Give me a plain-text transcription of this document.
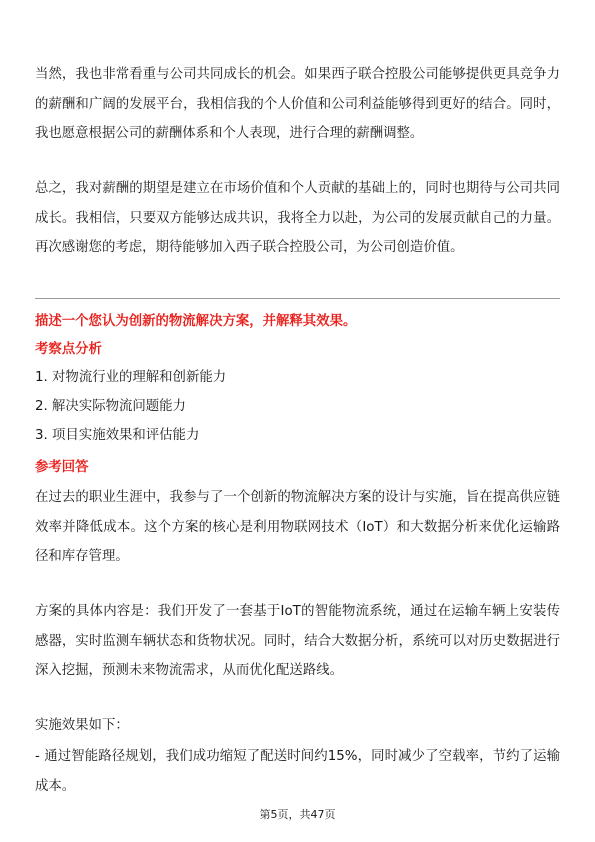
当然，我也非常看重与公司共同成长的机会。如果西子联合控股公司能够提供更具竞争力的薪酬和广阔的发展平台，我相信我的个人价值和公司利益能够得到更好的结合。同时，我也愿意根据公司的薪酬体系和个人表现，进行合理的薪酬调整。

总之，我对薪酬的期望是建立在市场价值和个人贡献的基础上的，同时也期待与公司共同成长。我相信，只要双方能够达成共识，我将全力以赴，为公司的发展贡献自己的力量。再次感谢您的考虑，期待能够加入西子联合控股公司，为公司创造价值。

描述一个您认为创新的物流解决方案，并解释其效果。

考察点分析

1. 对物流行业的理解和创新能力

2. 解决实际物流问题能力

3. 项目实施效果和评估能力

参考回答

在过去的职业生涯中，我参与了一个创新的物流解决方案的设计与实施，旨在提高供应链效率并降低成本。这个方案的核心是利用物联网技术（IoT）和大数据分析来优化运输路径和库存管理。

方案的具体内容是：我们开发了一套基于IoT的智能物流系统，通过在运输车辆上安装传感器，实时监测车辆状态和货物状况。同时，结合大数据分析，系统可以对历史数据进行深入挖掘，预测未来物流需求，从而优化配送路线。

实施效果如下：

- 通过智能路径规划，我们成功缩短了配送时间约15%，同时减少了空载率，节约了运输成本。

第5页，共47页
